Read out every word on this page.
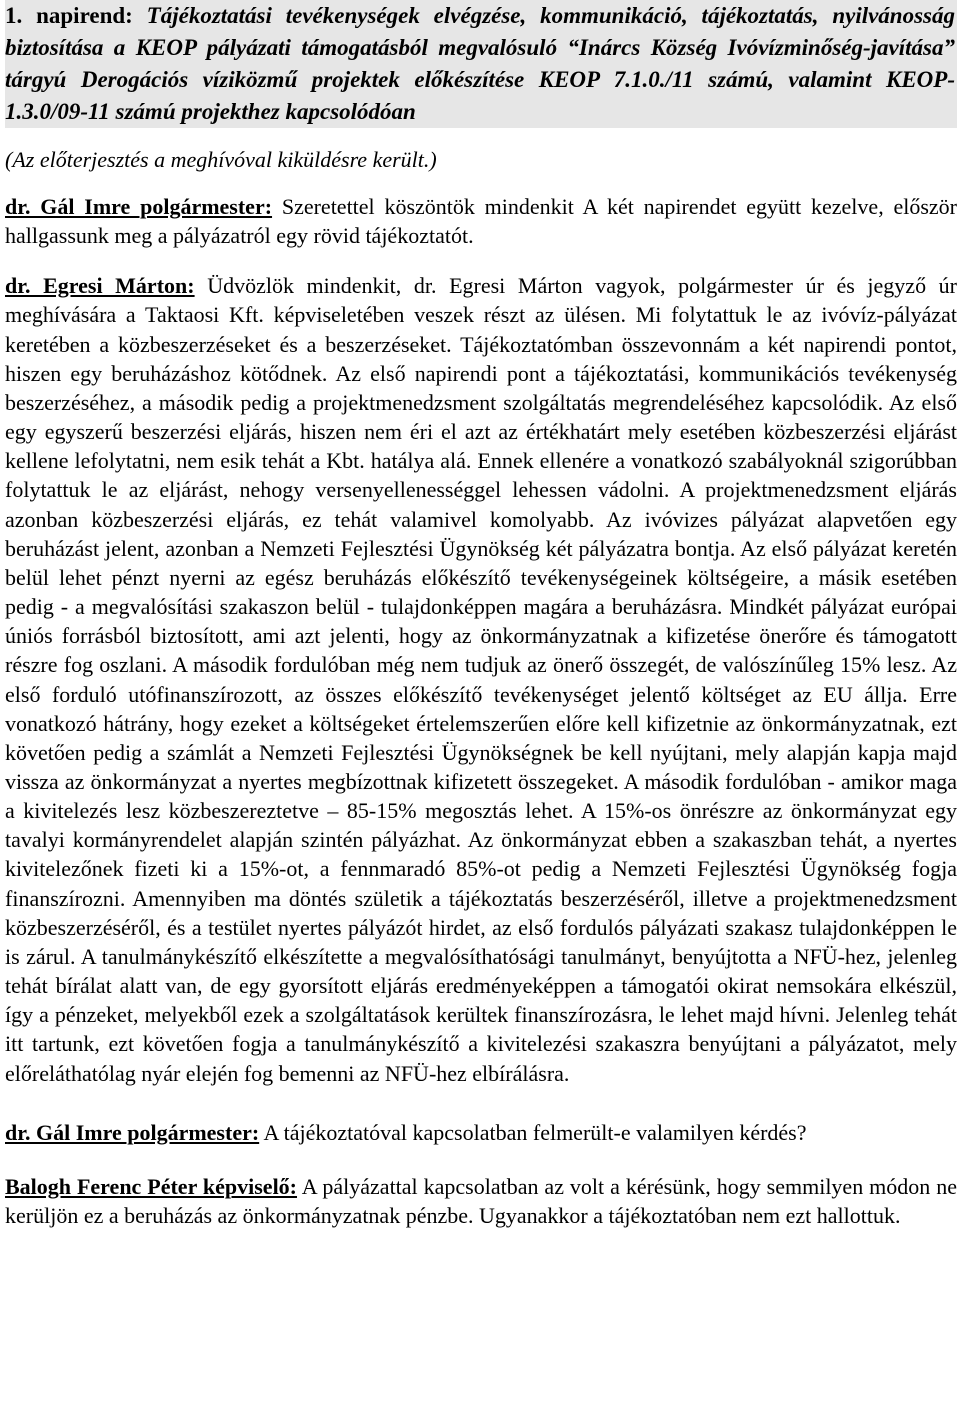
1. napirend: Tájékoztatási tevékenységek elvégzése, kommunikáció, tájékoztatás, nyilvánosság biztosítása a KEOP pályázati támogatásból megvalósuló “Inárcs Község Ivóvízminőség-javítása” tárgyú Derogációs víziközmű projektek előkészítése KEOP 7.1.0./11 számú, valamint KEOP-1.3.0/09-11 számú projekthez kapcsolódóan

(Az előterjesztés a meghívóval kiküldésre került.)

dr. Gál Imre polgármester: Szeretettel köszöntök mindenkit A két napirendet együtt kezelve, először hallgassunk meg a pályázatról egy rövid tájékoztatót.

dr. Egresi Márton: Üdvözlök mindenkit, dr. Egresi Márton vagyok, polgármester úr és jegyző úr meghívására a Taktaosi Kft. képviseletében veszek részt az ülésen. Mi folytattuk le az ivóvíz-pályázat keretében a közbeszerzéseket és a beszerzéseket. Tájékoztatómban összevonnám a két napirendi pontot, hiszen egy beruházáshoz kötődnek. Az első napirendi pont a tájékoztatási, kommunikációs tevékenység beszerzéséhez, a második pedig a projektmenedzsment szolgáltatás megrendeléséhez kapcsolódik. Az első egy egyszerű beszerzési eljárás, hiszen nem éri el azt az értékhatárt mely esetében közbeszerzési eljárást kellene lefolytatni, nem esik tehát a Kbt. hatálya alá. Ennek ellenére a vonatkozó szabályoknál szigorúbban folytattuk le az eljárást, nehogy versenyellenességgel lehessen vádolni. A projektmenedzsment eljárás azonban közbeszerzési eljárás, ez tehát valamivel komolyabb. Az ivóvizes pályázat alapvetően egy beruházást jelent, azonban a Nemzeti Fejlesztési Ügynökség két pályázatra bontja. Az első pályázat keretén belül lehet pénzt nyerni az egész beruházás előkészítő tevékenységeinek költségeire, a másik esetében pedig - a megvalósítási szakaszon belül - tulajdonképpen magára a beruházásra. Mindkét pályázat európai úniós forrásból biztosított, ami azt jelenti, hogy az önkormányzatnak a kifizetése önerőre és támogatott részre fog oszlani. A második fordulóban még nem tudjuk az önerő összegét, de valószínűleg 15% lesz. Az első forduló utófinanszírozott, az összes előkészítő tevékenységet jelentő költséget az EU állja. Erre vonatkozó hátrány, hogy ezeket a költségeket értelemszerűen előre kell kifizetnie az önkormányzatnak, ezt követően pedig a számlát a Nemzeti Fejlesztési Ügynökségnek be kell nyújtani, mely alapján kapja majd vissza az önkormányzat a nyertes megbízottnak kifizetett összegeket. A második fordulóban - amikor maga a kivitelezés lesz közbeszereztetve – 85-15% megosztás lehet. A 15%-os önrészre az önkormányzat egy tavalyi kormányrendelet alapján szintén pályázhat. Az önkormányzat ebben a szakaszban tehát, a nyertes kivitelezőnek fizeti ki a 15%-ot, a fennmaradó 85%-ot pedig a Nemzeti Fejlesztési Ügynökség fogja finanszírozni. Amennyiben ma döntés születik a tájékoztatás beszerzéséről, illetve a projektmenedzsment közbeszerzéséről, és a testület nyertes pályázót hirdet, az első fordulós pályázati szakasz tulajdonképpen le is zárul. A tanulmánykészítő elkészítette a megvalósíthatósági tanulmányt, benyújtotta a NFÜ-hez, jelenleg tehát bírálat alatt van, de egy gyorsított eljárás eredményeképpen a támogatói okirat nemsokára elkészül, így a pénzeket, melyekből ezek a szolgáltatások kerültek finanszírozásra, le lehet majd hívni. Jelenleg tehát itt tartunk, ezt követően fogja a tanulmánykészítő a kivitelezési szakaszra benyújtani a pályázatot, mely előreláthatólag nyár elején fog bemenni az NFÜ-hez elbírálásra.

dr. Gál Imre polgármester: A tájékoztatóval kapcsolatban felmerült-e valamilyen kérdés?

Balogh Ferenc Péter képviselő: A pályázattal kapcsolatban az volt a kérésünk, hogy semmilyen módon ne kerüljön ez a beruházás az önkormányzatnak pénzbe. Ugyanakkor a tájékoztatóban nem ezt hallottuk.
